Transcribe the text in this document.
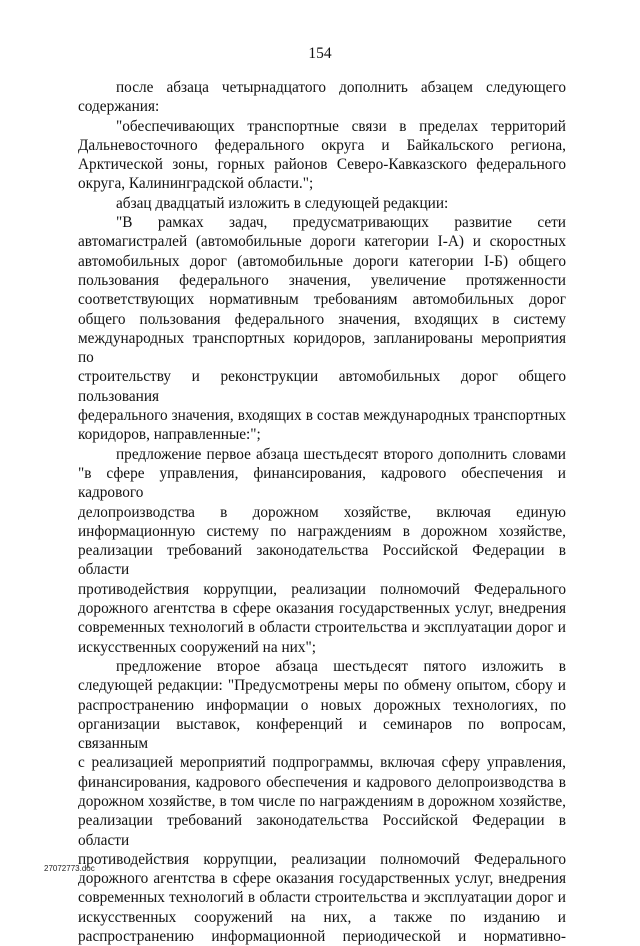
154

после абзаца четырнадцатого дополнить абзацем следующего

содержания:

"обеспечивающих транспортные связи в пределах территорий

Дальневосточного федерального округа и Байкальского региона,

Арктической зоны, горных районов Северо-Кавказского федерального

округа, Калининградской области.";

абзац двадцатый изложить в следующей редакции:

"В рамках задач, предусматривающих развитие сети

автомагистралей (автомобильные дороги категории I-А) и скоростных

автомобильных дорог (автомобильные дороги категории I-Б) общего

пользования федерального значения, увеличение протяженности

соответствующих нормативным требованиям автомобильных дорог

общего пользования федерального значения, входящих в систему

международных транспортных коридоров, запланированы мероприятия по

строительству и реконструкции автомобильных дорог общего пользования

федерального значения, входящих в состав международных транспортных

коридоров, направленные:";

предложение первое абзаца шестьдесят второго дополнить словами

"в сфере управления, финансирования, кадрового обеспечения и кадрового

делопроизводства в дорожном хозяйстве, включая единую

информационную систему по награждениям в дорожном хозяйстве,

реализации требований законодательства Российской Федерации в области

противодействия коррупции, реализации полномочий Федерального

дорожного агентства в сфере оказания государственных услуг, внедрения

современных технологий в области строительства и эксплуатации дорог и

искусственных сооружений на них";

предложение второе абзаца шестьдесят пятого изложить в

следующей редакции: "Предусмотрены меры по обмену опытом, сбору и

распространению информации о новых дорожных технологиях, по

организации выставок, конференций и семинаров по вопросам, связанным

с реализацией мероприятий подпрограммы, включая сферу управления,

финансирования, кадрового обеспечения и кадрового делопроизводства в

дорожном хозяйстве, в том числе по награждениям в дорожном хозяйстве,

реализации требований законодательства Российской Федерации в области

противодействия коррупции, реализации полномочий Федерального

дорожного агентства в сфере оказания государственных услуг, внедрения

современных технологий в области строительства и эксплуатации дорог и

искусственных сооружений на них, а также по изданию и

распространению информационной периодической и нормативно-

27072773.doc
